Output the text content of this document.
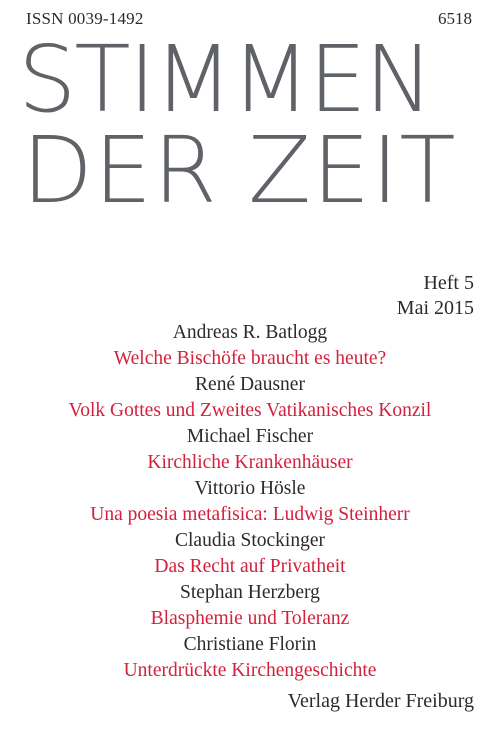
ISSN 0039-1492	6518
STIMMEN
DER ZEIT
Heft 5
Mai 2015
Andreas R. Batlogg
Welche Bischöfe braucht es heute?
René Dausner
Volk Gottes und Zweites Vatikanisches Konzil
Michael Fischer
Kirchliche Krankenhäuser
Vittorio Hösle
Una poesia metafisica: Ludwig Steinherr
Claudia Stockinger
Das Recht auf Privatheit
Stephan Herzberg
Blasphemie und Toleranz
Christiane Florin
Unterdrückte Kirchengeschichte
Verlag Herder Freiburg
